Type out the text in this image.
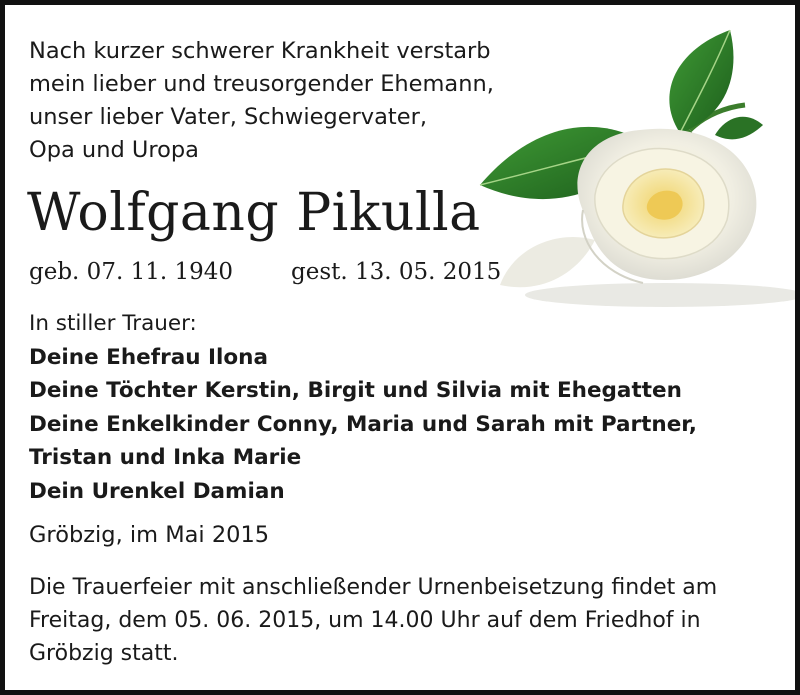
Nach kurzer schwerer Krankheit verstarb
mein lieber und treusorgender Ehemann,
unser lieber Vater, Schwiegervater,
Opa und Uropa
Wolfgang Pikulla
geb. 07. 11. 1940	gest. 13. 05. 2015
In stiller Trauer:
Deine Ehefrau Ilona
Deine Töchter Kerstin, Birgit und Silvia mit Ehegatten
Deine Enkelkinder Conny, Maria und Sarah mit Partner,
Tristan und Inka Marie
Dein Urenkel Damian
Gröbzig, im Mai 2015
Die Trauerfeier mit anschließender Urnenbeisetzung findet am
Freitag, dem 05. 06. 2015, um 14.00 Uhr auf dem Friedhof in
Gröbzig statt.
